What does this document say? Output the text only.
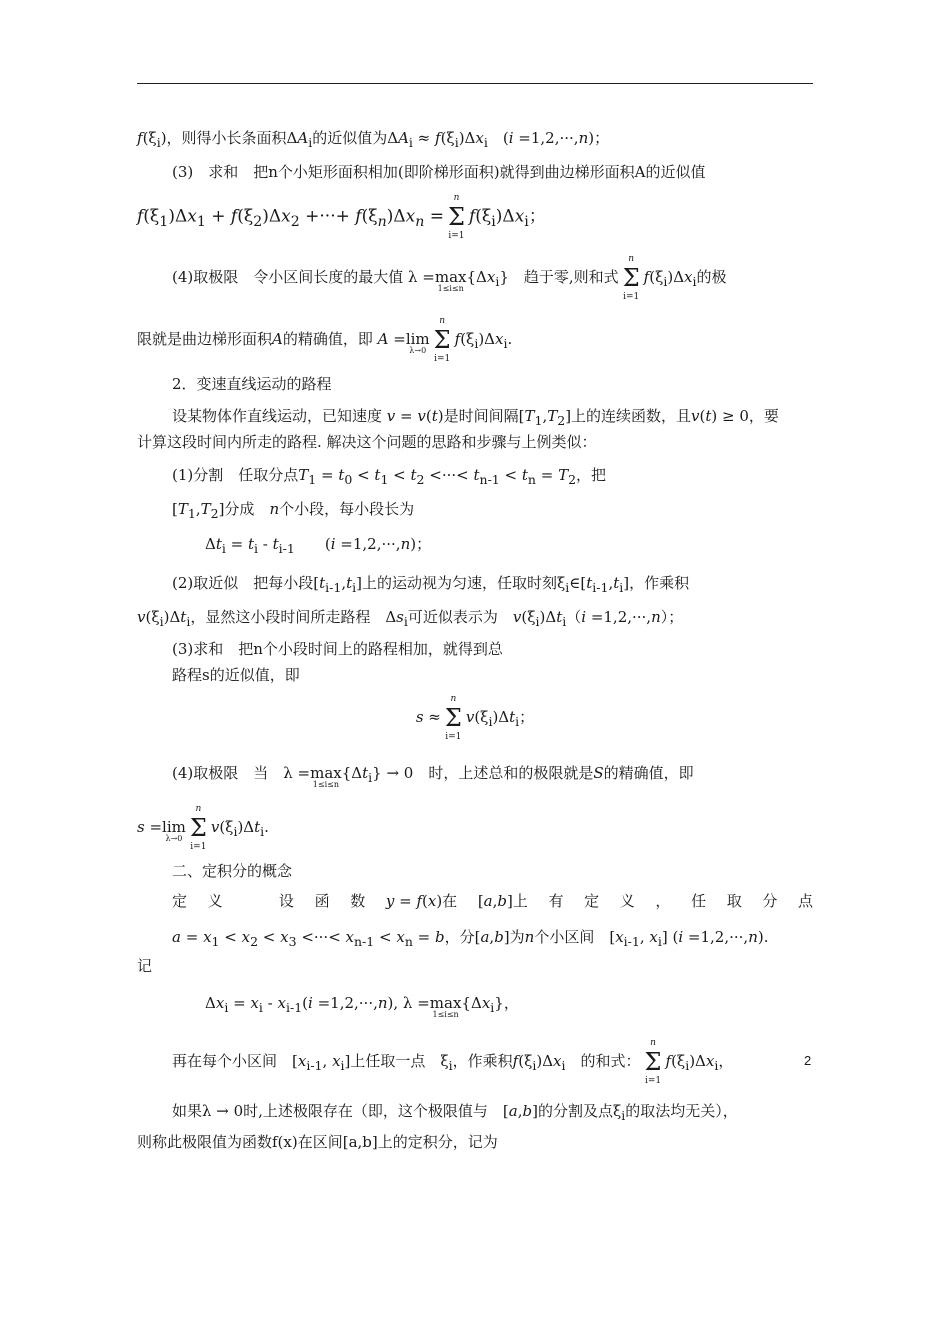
$f(\xi_i)$，则得小长条面积$\Delta A_i$的近似值为$\Delta A_i \approx f(\xi_i)\Delta x_i$　(i =1,2,···,n)；
(3)　求和　把n个小矩形面积相加(即阶梯形面积)就得到曲边梯形面积A的近似值
$f(\xi_1)\Delta x_1 + f(\xi_2)\Delta x_2$ +···+ $f(\xi_n)\Delta x_n$ =
n
Σ
i=1
$f(\xi_i)\Delta x_i$；
(4)取极限　令小区间长度的最大值 λ =max
1≤i≤n
$\{\Delta x_i\}$　趋于零,则和式
n
Σ
i=1
$f(\xi_i)\Delta x_i$的极
限就是曲边梯形面积A的精确值，即 A =lim
λ→0
n
Σ
i=1
$f(\xi_i)\Delta x_i$.
2．变速直线运动的路程
设某物体作直线运动，已知速度 v = v(t)是时间间隔$[T_1,T_2]$上的连续函数，且v(t) ≥ 0，要
计算这段时间内所走的路程. 解决这个问题的思路和步骤与上例类似：
(1)分割　任取分点$T_1 = t_0 < t_1 < t_2$ <···< $t_{n-1} < t_n = T_2$，把
$[T_1,T_2]$分成　n个小段，每小段长为
$\Delta t_i = t_i - t_{i-1}$　　(i =1,2,···,n)；
(2)取近似　把每小段$[t_{i-1},t_i]$上的运动视为匀速，任取时刻$\xi_i\in[t_{i-1},t_i]$，作乘积
$v(\xi_i)\Delta t_i$，显然这小段时间所走路程　$\Delta s_i$可近似表示为　$v(\xi_i)\Delta t_i(i =1,2,\cdot\cdot\cdot,n)$；
(3)求和　把n个小段时间上的路程相加，就得到总
路程s的近似值，即
s ≈
n
Σ
i=1
$v(\xi_i)\Delta t_i$；
(4)取极限　当　λ =max
1≤i≤n
$\{\Delta t_i\} \to 0$　时，上述总和的极限就是S的精确值，即
s =lim
λ→0
n
Σ
i=1
$v(\xi_i)\Delta t_i$.
二、定积分的概念
定 义
　	设 函 数 y = f(x)在 [a,b]上 有 定 义 ， 任 取 分 点
$a = x_1 < x_2 < x_3$ <···< $x_{n-1} < x_n = b$，分[a,b]为n个小区间　[$x_{i-1}$, $x_i$] (i =1,2,···,n).
记
$\Delta x_i = x_i - x_{i-1}(i =1,2,\cdot\cdot\cdot,n)$, λ =max
1≤i≤n
$\{\Delta x_i\}$，
再在每个小区间　[$x_{i-1}$, $x_i$]上任取一点　$\xi_i$，作乘积$f(\xi_i)\Delta x_i$　的和式：
n
Σ
i=1
$f(\xi_i)\Delta x_i$，
如果λ → 0时,上述极限存在（即，这个极限值与　[a,b]的分割及点$\xi_i$的取法均无关），
则称此极限值为函数f(x)在区间[a,b]上的定积分，记为
2
